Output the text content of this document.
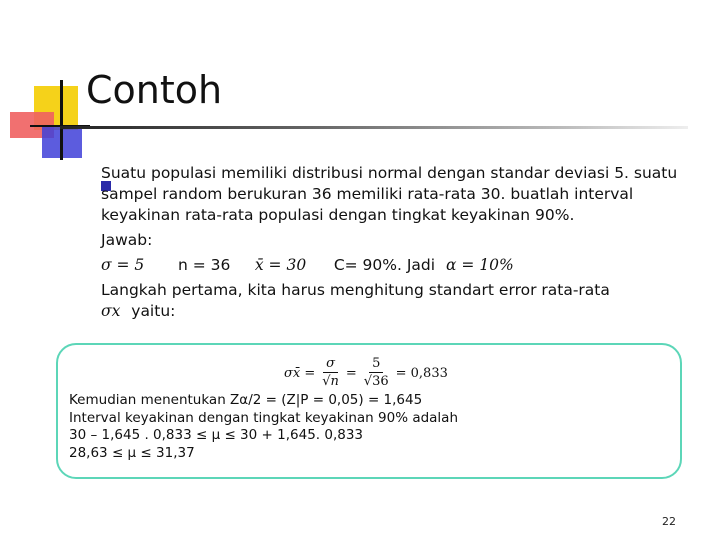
Contoh

Suatu populasi memiliki distribusi normal dengan standar deviasi 5. suatu sampel random berukuran 36 memiliki rata-rata 30. buatlah interval keyakinan rata-rata populasi dengan tingkat keyakinan 90%.

Jawab:

σ = 5 n = 36 x̄ = 30 C= 90%. Jadi α = 10%

Langkah pertama, kita harus menghitung standart error rata-rata

σx yaitu:

σx̄ = $\frac{\sigma}{√n} = \frac{5}{√36} = 0,833$

Kemudian menentukan Zα/2 = (Z|P = 0,05) = 1,645

Interval keyakinan dengan tingkat keyakinan 90% adalah

30 – 1,645 . 0,833 ≤ μ ≤ 30 + 1,645. 0,833

28,63 ≤ μ ≤ 31,37

22
